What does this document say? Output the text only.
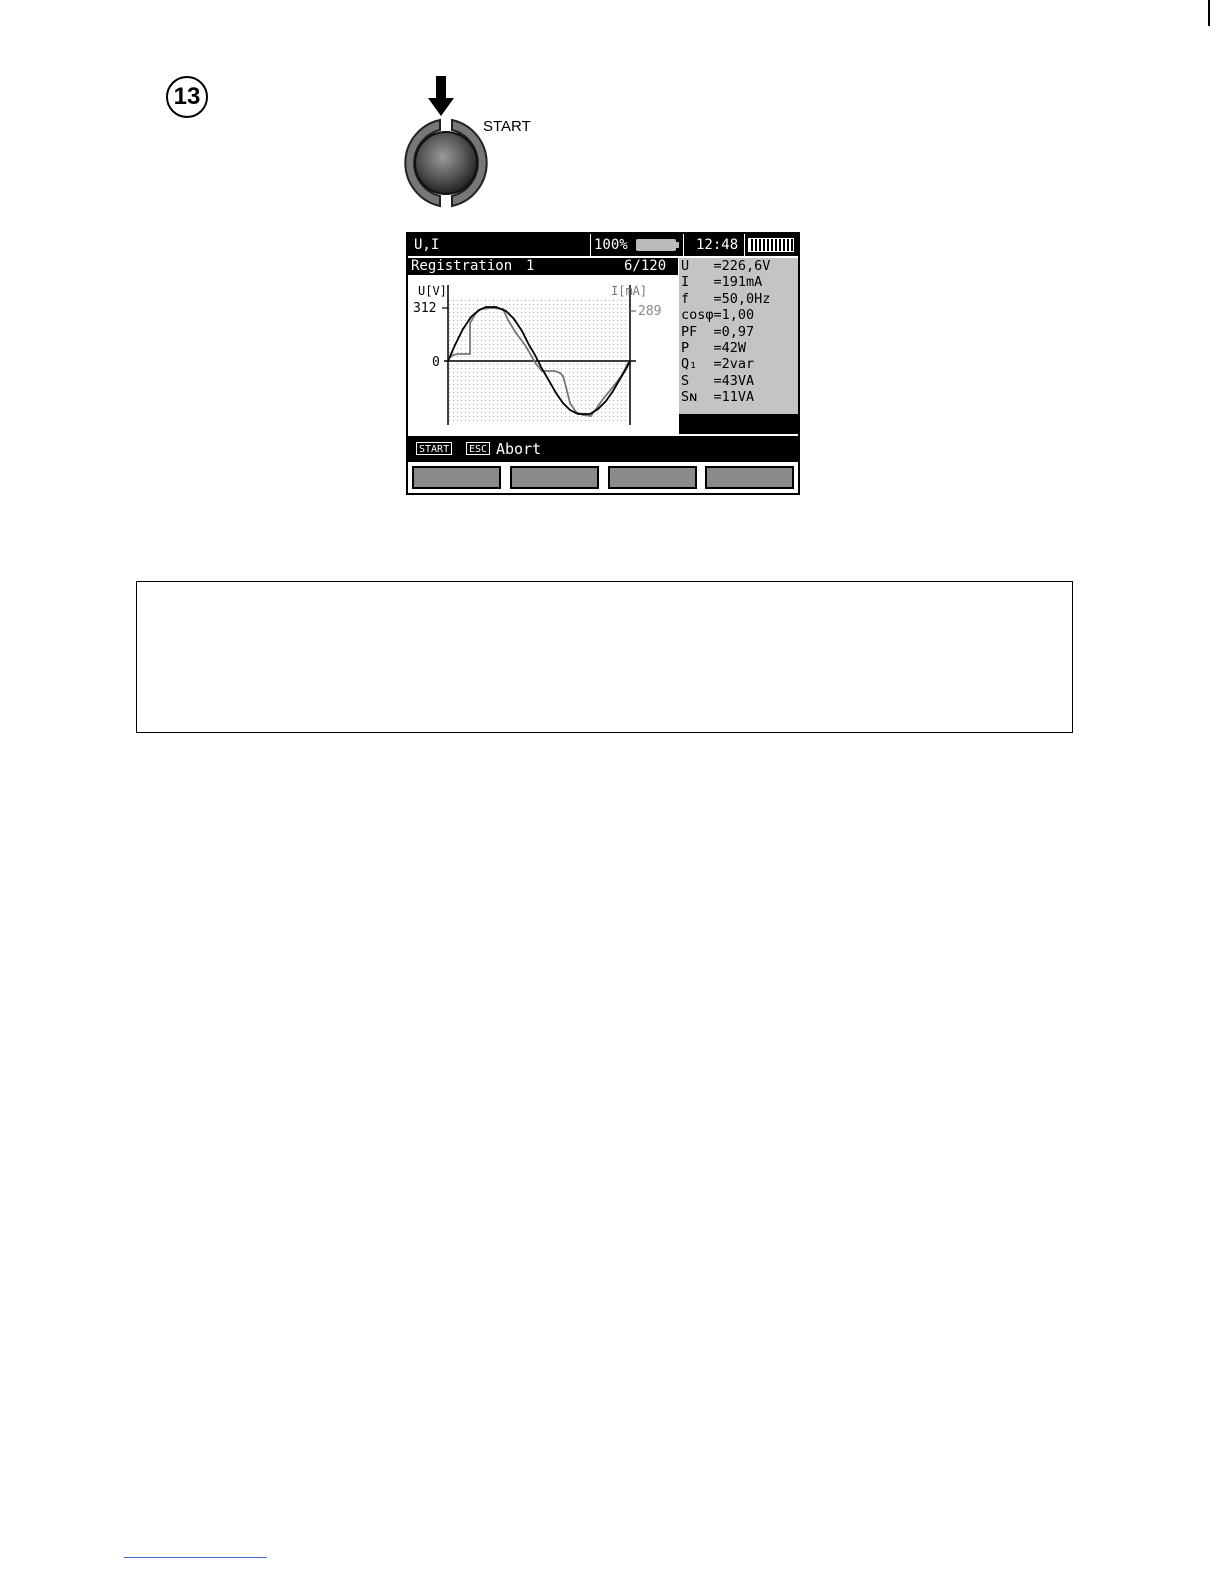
13
START
U,I	100%	12:48
Registration 1	6/120
U[V]	I[mA]
312
0
289
U   =226,6V
I   =191mA
f   =50,0Hz
cosφ=1,00
PF  =0,97
P   =42W
Q₁  =2var
S   =43VA
Sɴ  =11VA
START	ESC Abort
